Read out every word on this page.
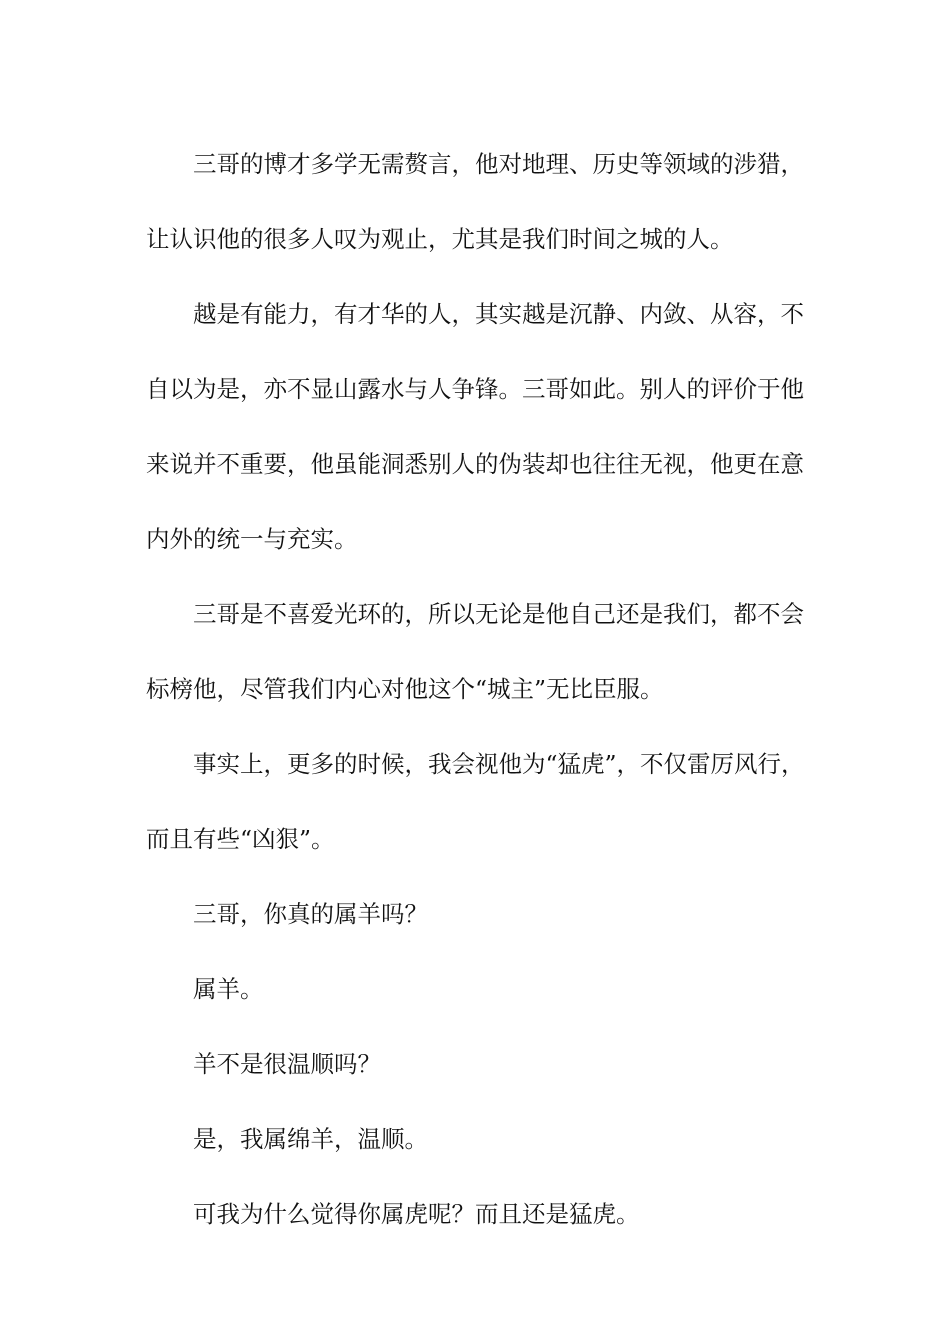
三哥的博才多学无需赘言，他对地理、历史等领域的涉猎，让认识他的很多人叹为观止，尤其是我们时间之城的人。

越是有能力，有才华的人，其实越是沉静、内敛、从容，不自以为是，亦不显山露水与人争锋。三哥如此。别人的评价于他来说并不重要，他虽能洞悉别人的伪装却也往往无视，他更在意内外的统一与充实。

三哥是不喜爱光环的，所以无论是他自己还是我们，都不会标榜他，尽管我们内心对他这个“城主”无比臣服。

事实上，更多的时候，我会视他为“猛虎”，不仅雷厉风行，而且有些“凶狠”。

三哥，你真的属羊吗？

属羊。

羊不是很温顺吗？

是，我属绵羊，温顺。

可我为什么觉得你属虎呢？而且还是猛虎。
